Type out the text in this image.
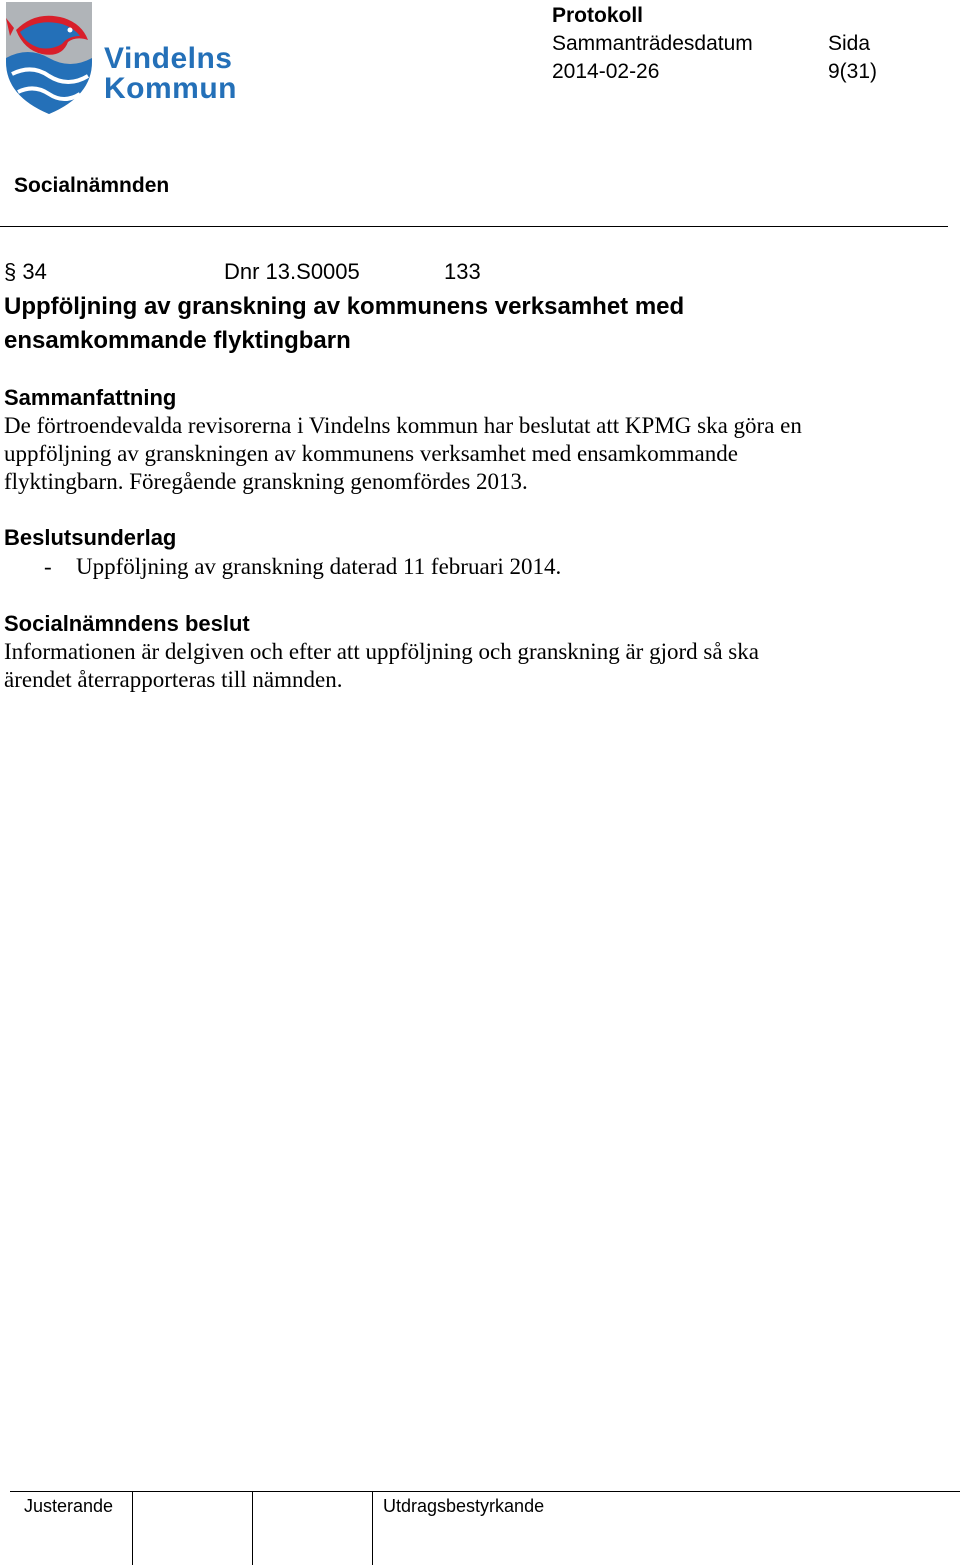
Vindelns
Kommun
Protokoll
Sammanträdesdatum	Sida
2014-02-26	9(31)
Socialnämnden
§ 34	Dnr 13.S0005	133
Uppföljning av granskning av kommunens verksamhet med ensamkommande flyktingbarn
Sammanfattning
De förtroendevalda revisorerna i Vindelns kommun har beslutat att KPMG ska göra en uppföljning av granskningen av kommunens verksamhet med ensamkommande flyktingbarn. Föregående granskning genomfördes 2013.
Beslutsunderlag
- Uppföljning av granskning daterad 11 februari 2014.
Socialnämndens beslut
Informationen är delgiven och efter att uppföljning och granskning är gjord så ska ärendet återrapporteras till nämnden.
Justerande	Utdragsbestyrkande
